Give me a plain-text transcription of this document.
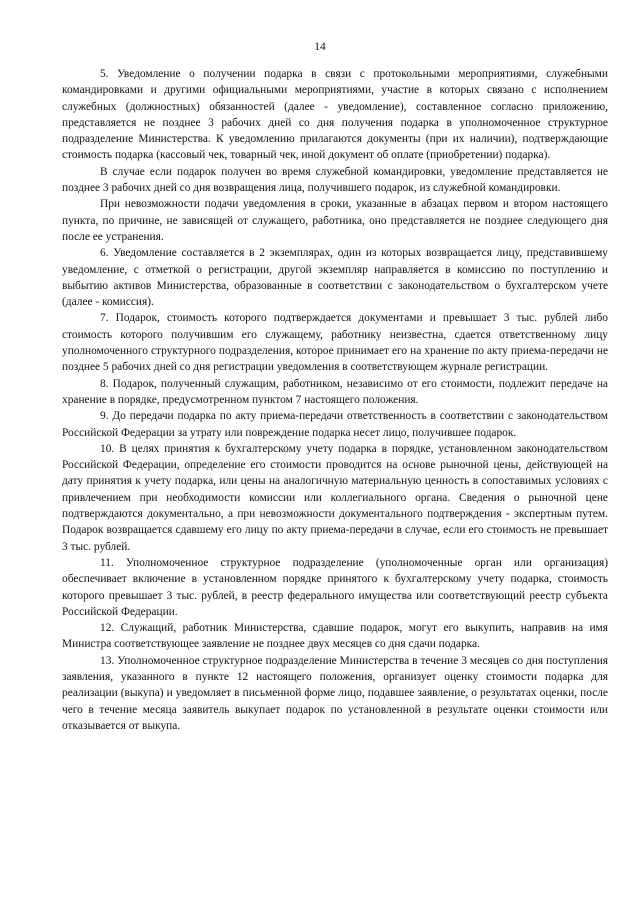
14

5. Уведомление о получении подарка в связи с протокольными мероприятиями, служебными командировками и другими официальными мероприятиями, участие в которых связано с исполнением служебных (должностных) обязанностей (далее - уведомление), составленное согласно приложению, представляется не позднее 3 рабочих дней со дня получения подарка в уполномоченное структурное подразделение Министерства. К уведомлению прилагаются документы (при их наличии), подтверждающие стоимость подарка (кассовый чек, товарный чек, иной документ об оплате (приобретении) подарка).

В случае если подарок получен во время служебной командировки, уведомление представляется не позднее 3 рабочих дней со дня возвращения лица, получившего подарок, из служебной командировки.

При невозможности подачи уведомления в сроки, указанные в абзацах первом и втором настоящего пункта, по причине, не зависящей от служащего, работника, оно представляется не позднее следующего дня после ее устранения.

6. Уведомление составляется в 2 экземплярах, один из которых возвращается лицу, представившему уведомление, с отметкой о регистрации, другой экземпляр направляется в комиссию по поступлению и выбытию активов Министерства, образованные в соответствии с законодательством о бухгалтерском учете (далее - комиссия).

7. Подарок, стоимость которого подтверждается документами и превышает 3 тыс. рублей либо стоимость которого получившим его служащему, работнику неизвестна, сдается ответственному лицу уполномоченного структурного подразделения, которое принимает его на хранение по акту приема-передачи не позднее 5 рабочих дней со дня регистрации уведомления в соответствующем журнале регистрации.

8. Подарок, полученный служащим, работником, независимо от его стоимости, подлежит передаче на хранение в порядке, предусмотренном пунктом 7 настоящего положения.

9. До передачи подарка по акту приема-передачи ответственность в соответствии с законодательством Российской Федерации за утрату или повреждение подарка несет лицо, получившее подарок.

10. В целях принятия к бухгалтерскому учету подарка в порядке, установленном законодательством Российской Федерации, определение его стоимости проводится на основе рыночной цены, действующей на дату принятия к учету подарка, или цены на аналогичную материальную ценность в сопоставимых условиях с привлечением при необходимости комиссии или коллегиального органа. Сведения о рыночной цене подтверждаются документально, а при невозможности документального подтверждения - экспертным путем. Подарок возвращается сдавшему его лицу по акту приема-передачи в случае, если его стоимость не превышает 3 тыс. рублей.

11. Уполномоченное структурное подразделение (уполномоченные орган или организация) обеспечивает включение в установленном порядке принятого к бухгалтерскому учету подарка, стоимость которого превышает 3 тыс. рублей, в реестр федерального имущества или соответствующий реестр субъекта Российской Федерации.

12. Служащий, работник Министерства, сдавшие подарок, могут его выкупить, направив на имя Министра соответствующее заявление не позднее двух месяцев со дня сдачи подарка.

13. Уполномоченное структурное подразделение Министерства в течение 3 месяцев со дня поступления заявления, указанного в пункте 12 настоящего положения, организует оценку стоимости подарка для реализации (выкупа) и уведомляет в письменной форме лицо, подавшее заявление, о результатах оценки, после чего в течение месяца заявитель выкупает подарок по установленной в результате оценки стоимости или отказывается от выкупа.
